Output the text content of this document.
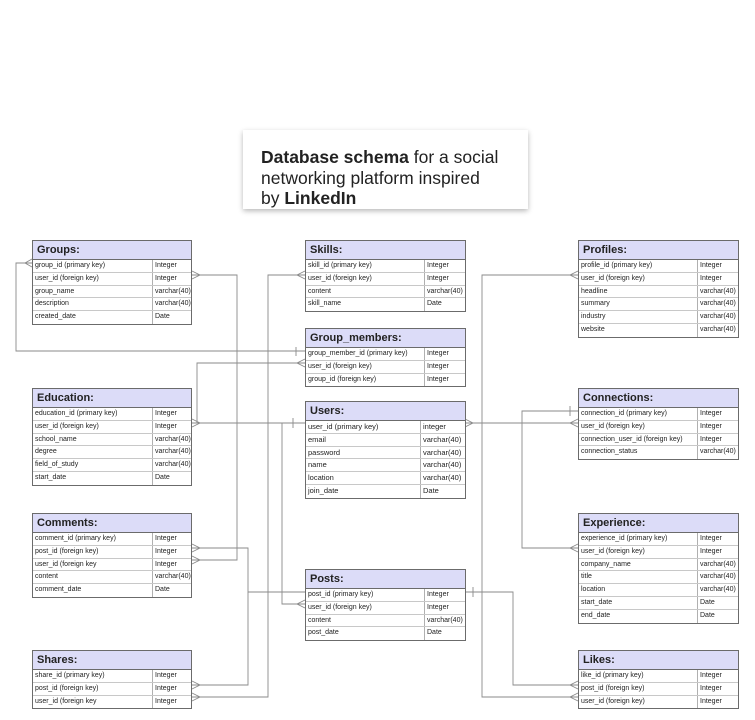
Database schema for a social
networking platform inspired
by LinkedIn
Groups:
group_id (primary key)	Integer
user_id (foreign key)	Integer
group_name	varchar(40)
description	varchar(40)
created_date	Date
Skills:
skill_id (primary key)	Integer
user_id (foreign key)	Integer
content	varchar(40)
skill_name	Date
Profiles:
profile_id (primary key)	Integer
user_id (foreign key)	Integer
headline	varchar(40)
summary	varchar(40)
industry	varchar(40)
website	varchar(40)
Group_members:
group_member_id (primary key)	Integer
user_id (foreign key)	Integer
group_id (foreign key)	Integer
Education:
education_id (primary key)	Integer
user_id (foreign key)	Integer
school_name	varchar(40)
degree	varchar(40)
field_of_study	varchar(40)
start_date	Date
Users:
user_id (primary key)	integer
email	varchar(40)
password	varchar(40)
name	varchar(40)
location	varchar(40)
join_date	Date
Connections:
connection_id (primary key)	Integer
user_id (foreign key)	Integer
connection_user_id (foreign key)	Integer
connection_status	varchar(40)
Comments:
comment_id (primary key)	Integer
post_id (foreign key)	Integer
user_id (foreign key	Integer
content	varchar(40)
comment_date	Date
Experience:
experience_id (primary key)	Integer
user_id (foreign key)	Integer
company_name	varchar(40)
title	varchar(40)
location	varchar(40)
start_date	Date
end_date	Date
Posts:
post_id (primary key)	Integer
user_id (foreign key)	Integer
content	varchar(40)
post_date	Date
Shares:
share_id (primary key)	Integer
post_id (foreign key)	Integer
user_id (foreign key	Integer
Likes:
like_id (primary key)	Integer
post_id (foreign key)	Integer
user_id (foreign key)	Integer
